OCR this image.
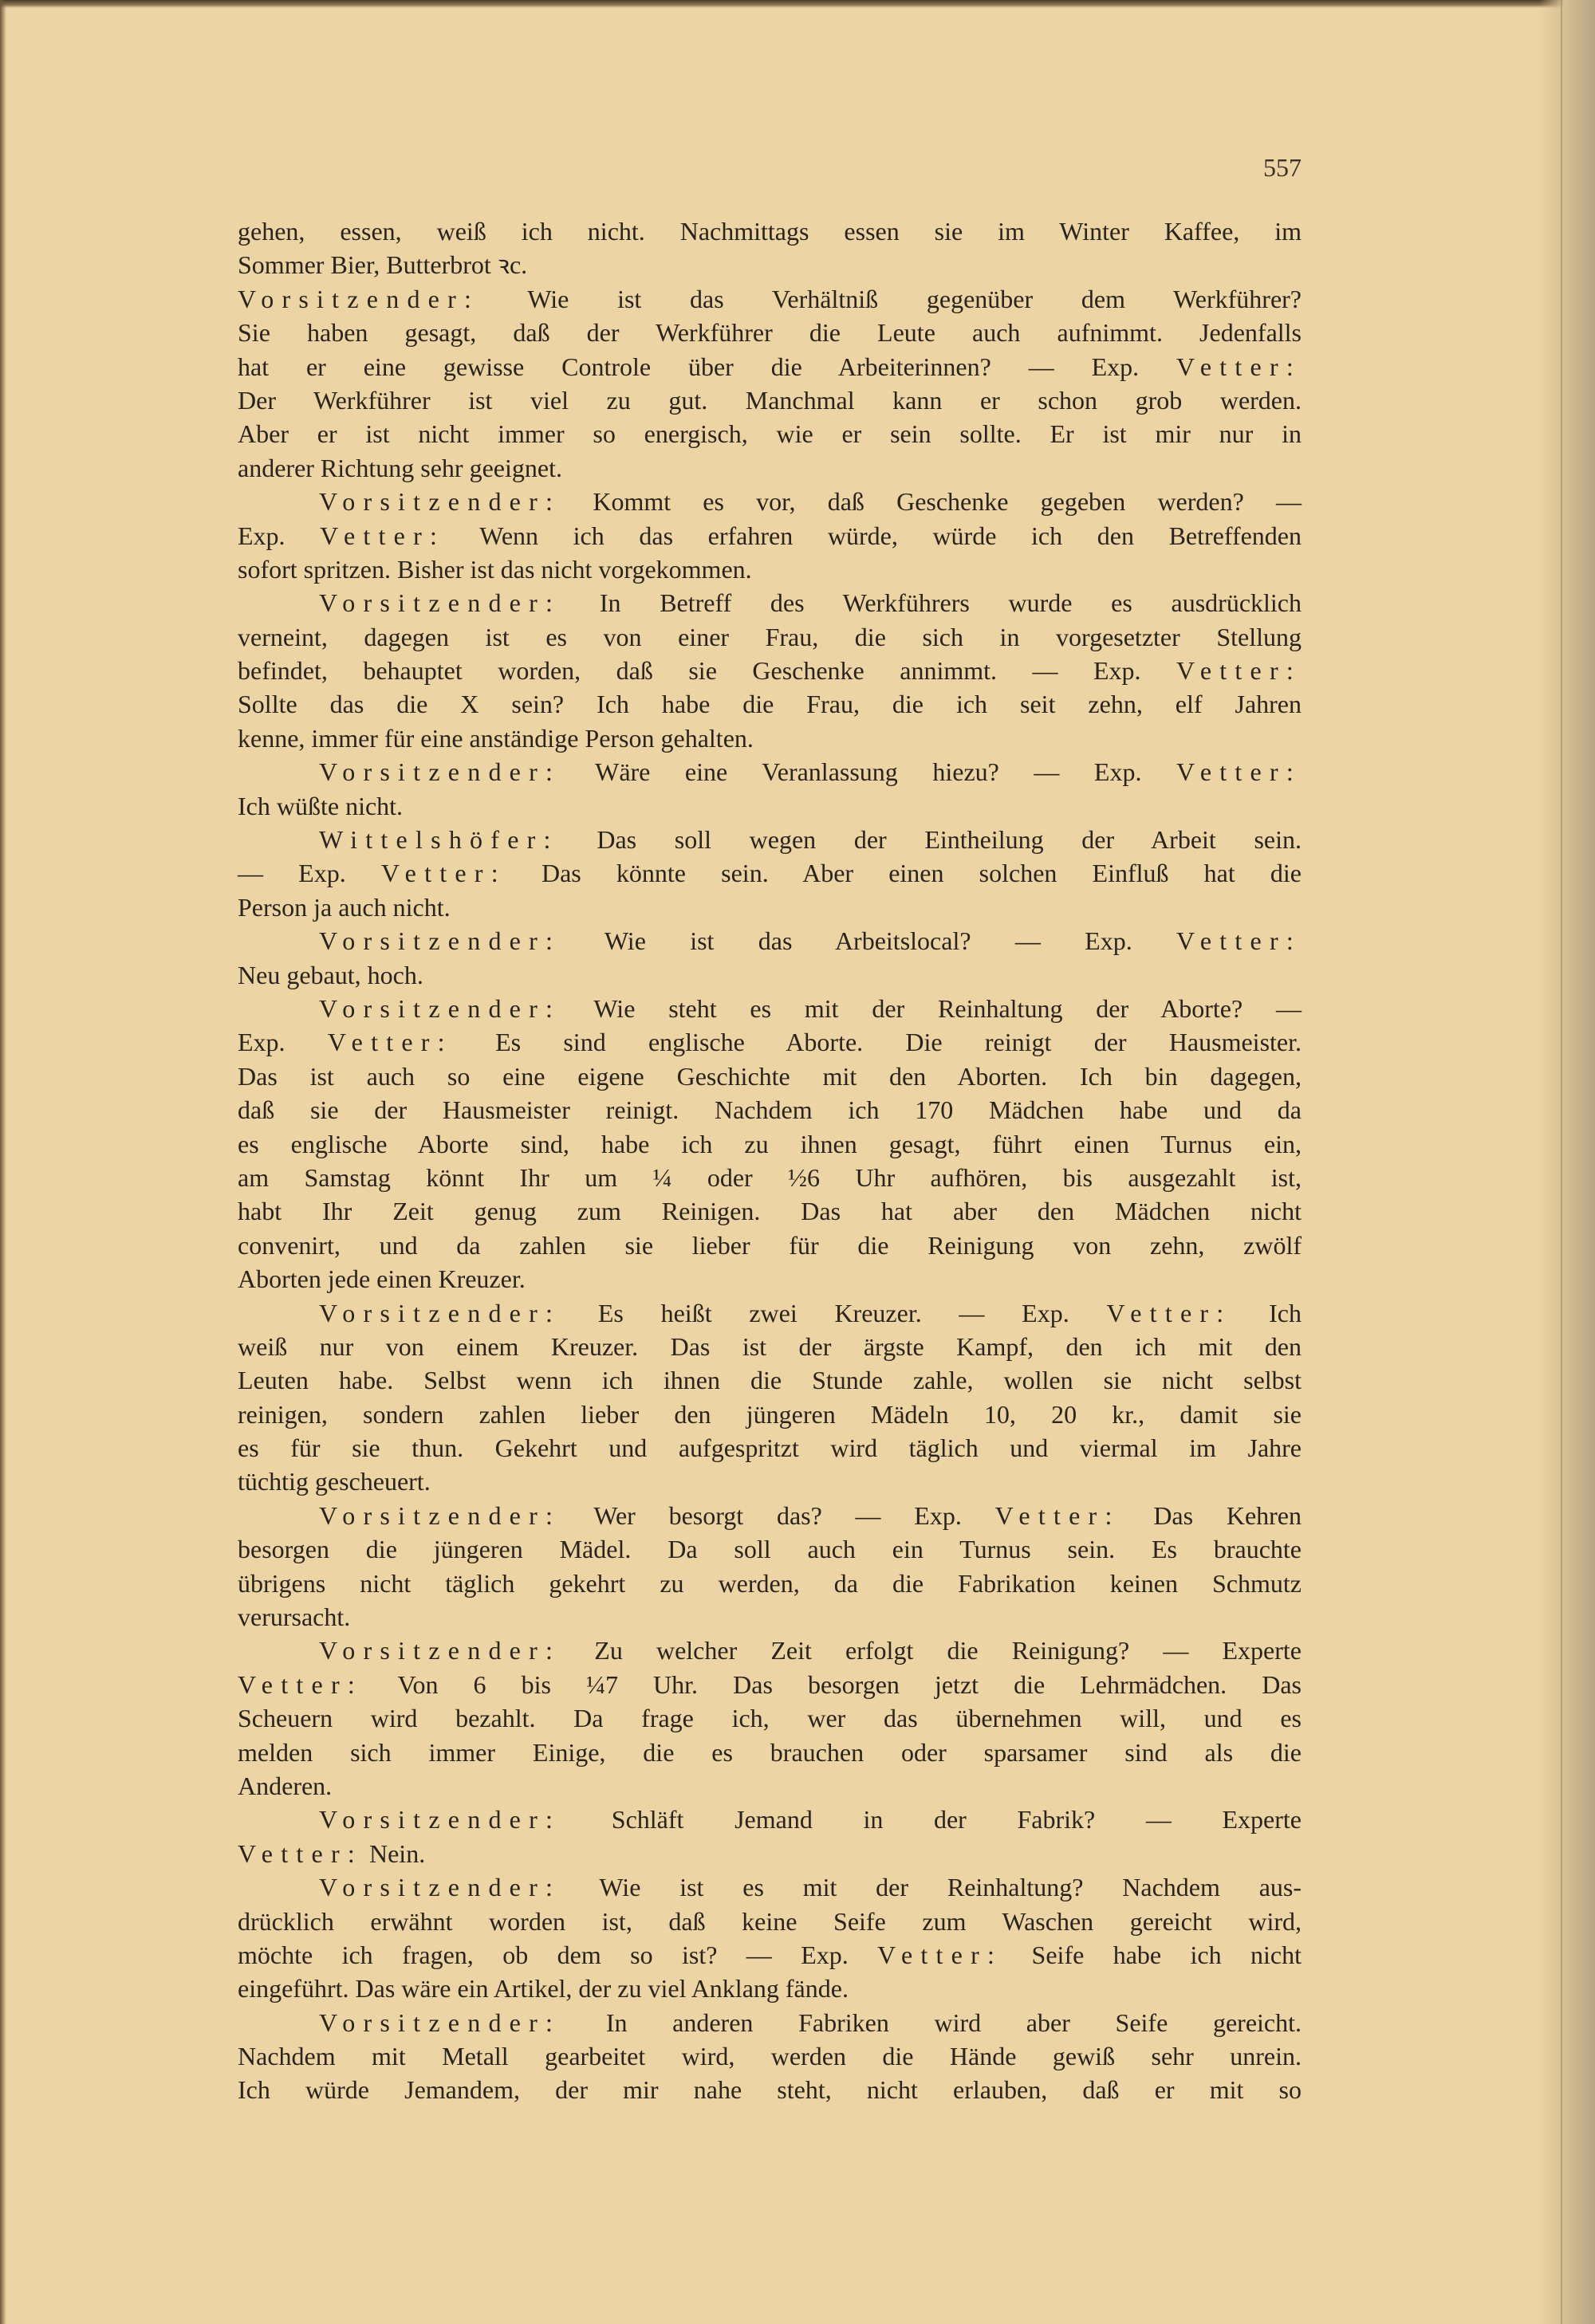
557
gehen, essen, weiß ich nicht. Nachmittags essen sie im Winter Kaffee, im
Sommer Bier, Butterbrot ꝛc.
Vorsitzender: Wie ist das Verhältniß gegenüber dem Werkführer?
Sie haben gesagt, daß der Werkführer die Leute auch aufnimmt. Jedenfalls
hat er eine gewisse Controle über die Arbeiterinnen? — Exp. Vetter:
Der Werkführer ist viel zu gut. Manchmal kann er schon grob werden.
Aber er ist nicht immer so energisch, wie er sein sollte. Er ist mir nur in
anderer Richtung sehr geeignet.
Vorsitzender: Kommt es vor, daß Geschenke gegeben werden? —
Exp. Vetter: Wenn ich das erfahren würde, würde ich den Betreffenden
sofort spritzen. Bisher ist das nicht vorgekommen.
Vorsitzender: In Betreff des Werkführers wurde es ausdrücklich
verneint, dagegen ist es von einer Frau, die sich in vorgesetzter Stellung
befindet, behauptet worden, daß sie Geschenke annimmt. — Exp. Vetter:
Sollte das die X sein? Ich habe die Frau, die ich seit zehn, elf Jahren
kenne, immer für eine anständige Person gehalten.
Vorsitzender: Wäre eine Veranlassung hiezu? — Exp. Vetter:
Ich wüßte nicht.
Wittelshöfer: Das soll wegen der Eintheilung der Arbeit sein.
— Exp. Vetter: Das könnte sein. Aber einen solchen Einfluß hat die
Person ja auch nicht.
Vorsitzender: Wie ist das Arbeitslocal? — Exp. Vetter:
Neu gebaut, hoch.
Vorsitzender: Wie steht es mit der Reinhaltung der Aborte? —
Exp. Vetter: Es sind englische Aborte. Die reinigt der Hausmeister.
Das ist auch so eine eigene Geschichte mit den Aborten. Ich bin dagegen,
daß sie der Hausmeister reinigt. Nachdem ich 170 Mädchen habe und da
es englische Aborte sind, habe ich zu ihnen gesagt, führt einen Turnus ein,
am Samstag könnt Ihr um ¼ oder ½6 Uhr aufhören, bis ausgezahlt ist,
habt Ihr Zeit genug zum Reinigen. Das hat aber den Mädchen nicht
convenirt, und da zahlen sie lieber für die Reinigung von zehn, zwölf
Aborten jede einen Kreuzer.
Vorsitzender: Es heißt zwei Kreuzer. — Exp. Vetter: Ich
weiß nur von einem Kreuzer. Das ist der ärgste Kampf, den ich mit den
Leuten habe. Selbst wenn ich ihnen die Stunde zahle, wollen sie nicht selbst
reinigen, sondern zahlen lieber den jüngeren Mädeln 10, 20 kr., damit sie
es für sie thun. Gekehrt und aufgespritzt wird täglich und viermal im Jahre
tüchtig gescheuert.
Vorsitzender: Wer besorgt das? — Exp. Vetter: Das Kehren
besorgen die jüngeren Mädel. Da soll auch ein Turnus sein. Es brauchte
übrigens nicht täglich gekehrt zu werden, da die Fabrikation keinen Schmutz
verursacht.
Vorsitzender: Zu welcher Zeit erfolgt die Reinigung? — Experte
Vetter: Von 6 bis ¼7 Uhr. Das besorgen jetzt die Lehrmädchen. Das
Scheuern wird bezahlt. Da frage ich, wer das übernehmen will, und es
melden sich immer Einige, die es brauchen oder sparsamer sind als die
Anderen.
Vorsitzender: Schläft Jemand in der Fabrik? — Experte
Vetter: Nein.
Vorsitzender: Wie ist es mit der Reinhaltung? Nachdem aus-
drücklich erwähnt worden ist, daß keine Seife zum Waschen gereicht wird,
möchte ich fragen, ob dem so ist? — Exp. Vetter: Seife habe ich nicht
eingeführt. Das wäre ein Artikel, der zu viel Anklang fände.
Vorsitzender: In anderen Fabriken wird aber Seife gereicht.
Nachdem mit Metall gearbeitet wird, werden die Hände gewiß sehr unrein.
Ich würde Jemandem, der mir nahe steht, nicht erlauben, daß er mit so
